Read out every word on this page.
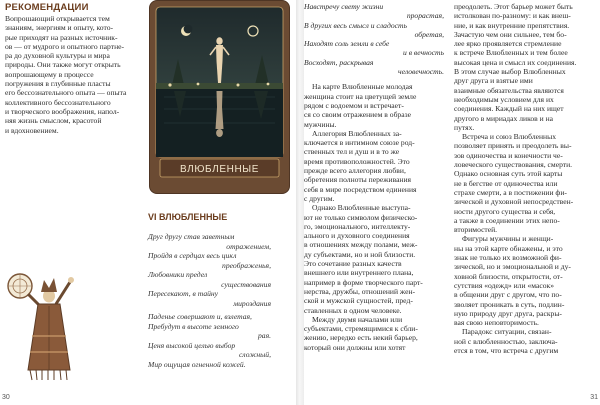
РЕКОМЕНДАЦИИ
Вопрошающий открывается тем
знаниям, энергиям и опыту, кото-
рые приходят на разных источник-
ов — от мудрого и опытного партне-
ра до духовной культуры и мира
природы. Они также могут открыть
вопрошающему в процессе
погружения в глубинные пласты
его бессознательного опыта — опыта
коллективного бессознательного
и творческого воображения, напол-
няя жизнь смыслом, красотой
и вдохновением.
ВЛЮБЛЕННЫЕ
VI ВЛЮБЛЕННЫЕ
Друг другу став заветным
отражением,
Пройдя в сердцах весь цикл
преображенья,
Любовники предел
существования
Пересекают, в тайну
мироздания
Паденье совершают и, взлетая,
Пребудут в высоте земного
рая.
Ценя высокой целью выбор
сложный,
Мир ощущая огненной кожей.
30
Навстречу свету жизни
прорастая,
В других весь смысл и сладость
обретая,
Находят соль земли в себе
и в вечность
Восходят, раскрывая
человечность.
На карте Влюбленные молодая
женщина стоит на цветущей земле
рядом с водоемом и встречает-
ся со своим отражением в образе
мужчины.
Аллегория Влюбленных за-
ключается в интимном союзе род-
ственных тел и душ и в то же
время противоположностей. Это
прежде всего аллегория любви,
обретения полноты переживания
себя в мире посредством единения
с другим.
Однако Влюбленные выступа-
ют не только символом физическо-
го, эмоционального, интеллекту-
ального и духовного соединения
в отношениях между полами, меж-
ду субъектами, но и ной близости.
Это сочетание разных качеств
внешнего или внутреннего плана,
например в форме творческого парт-
нерства, дружбы, отношений жен-
ской и мужской сущностей, пред-
ставленных в одном человеке.
Между двумя началами или
субъектами, стремящимися к сбли-
жению, нередко есть некий барьер,
который они должны или хотят
преодолеть. Этот барьер может быть
истолкован по-разному: и как внеш-
ние, и как внутренние препятствия.
Зачастую чем они сильнее, тем бо-
лее ярко проявляется стремление
к встрече Влюбленных и тем более
высокая цена и смысл их соединения.
В этом случае выбор Влюбленных
друг друга и взятые ими
взаимные обязательства являются
необходимым условием для их
соединения. Каждый на них ищет
другого в мириадах ликов и на
путях.
Встреча и союз Влюбленных
позволяет принять и преодолеть вы-
зов одиночества и конечности че-
ловеческого существования, смерти.
Однако основная суть этой карты
не в бегстве от одиночества или
страхе смерти, а в постижении фи-
зической и духовной непосредствен-
ности другого существа и себя,
а также в соединении этих непо-
вторимостей.
Фигуры мужчины и женщи-
ны на этой карте обнажены, и это
знак не только их возможной фи-
зической, но и эмоциональной и ду-
ховной близости, открытости, от-
сутствия «одежд» или «масок»
в общении друг с другом, что по-
зволяет проникать в суть, подлин-
ную природу друг друга, раскры-
вая свою неповторимость.
Парадокс ситуации, связан-
ной с влюбленностью, заключа-
ется в том, что встреча с другим
31
